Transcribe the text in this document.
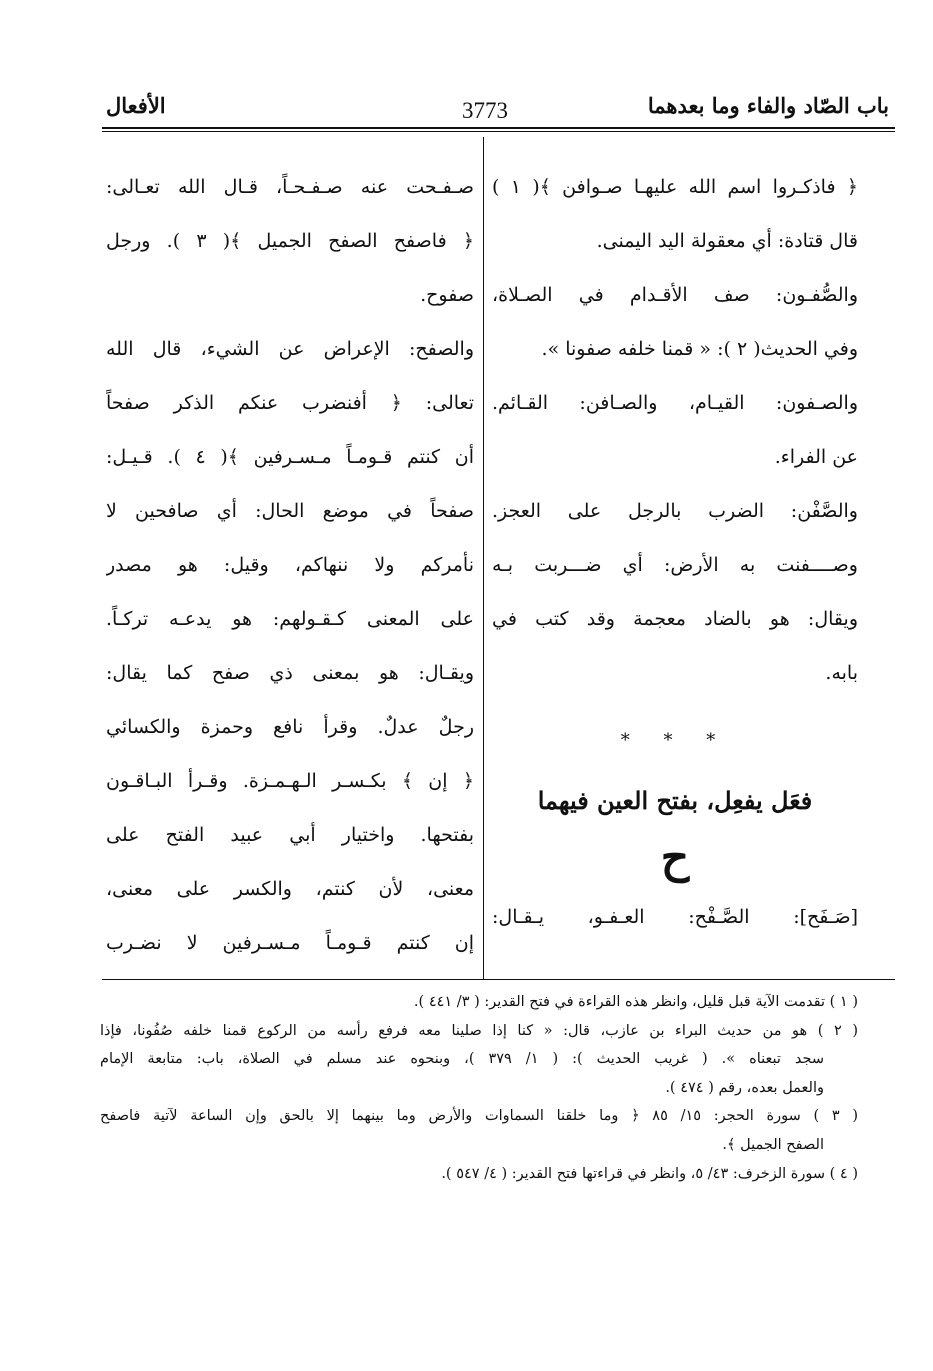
باب الصّاد والفاء وما بعدهما
3773
الأفعال
﴿ فاذكـروا اسم الله عليهـا صـوافن ﴾( ١ )
قال قتادة: أي معقولة اليد اليمنى.
والصُّفـون: صف الأقـدام في الصـلاة،
وفي الحديث( ٢ ): « قمنا خلفه صفونا ».
والصـفون: القيـام، والصـافن: القـائم.
عن الفراء.
والصَّفْن: الضرب بالرجل على العجز.
وصــــفنت به الأرض: أي ضـــربت بـه
ويقال: هو بالضاد معجمة وقد كتب في
بابه.
* * *
فعَل يفعِل، بفتح العين فيهما
ح
[صَـفَح]: الصَّـفْح: العـفـو، يـقـال:
صـفـحت عنه صـفـحـاً، قـال الله تعـالى:
﴿ فاصفح الصفح الجميل ﴾( ٣ ). ورجل
صفوح.
والصفح: الإعراض عن الشيء، قال الله
تعالى: ﴿ أفنضرب عنكم الذكر صفحاً
أن كنتم قـومـاً مـسـرفين ﴾( ٤ ). قـيـل:
صفحاً في موضع الحال: أي صافحين لا
نأمركم ولا ننهاكم، وقيل: هو مصدر
على المعنى كـقـولهم: هو يدعـه تركـاً.
ويقـال: هو بمعنى ذي صفح كما يقال:
رجلٌ عدلٌ. وقرأ نافع وحمزة والكسائي
﴿ إن ﴾ بكـسـر الـهـمـزة. وقـرأ البـاقـون
بفتحها. واختيار أبي عبيد الفتح على
معنى، لأن كنتم، والكسر على معنى،
إن كنتم قـومـاً مـسـرفين لا نضـرب
( ١ ) تقدمت الآية قبل قليل، وانظر هذه القراءة في فتح القدير: ( ٣/ ٤٤١ ).
( ٢ ) هو من حديث البراء بن عازب، قال: « كنا إذا صلينا معه فرفع رأسه من الركوع قمنا خلفه صُفُونا، فإذا
سجد تبعناه ». ( غريب الحديث ): ( ١/ ٣٧٩ )، وبنحوه عند مسلم في الصلاة، باب: متابعة الإمام
والعمل بعده، رقم ( ٤٧٤ ).
( ٣ ) سورة الحجر: ١٥/ ٨٥ ﴿ وما خلقنا السماوات والأرض وما بينهما إلا بالحق وإن الساعة لآتية فاصفح
الصفح الجميل ﴾.
( ٤ ) سورة الزخرف: ٤٣/ ٥، وانظر في قراءتها فتح القدير: ( ٤/ ٥٤٧ ).
